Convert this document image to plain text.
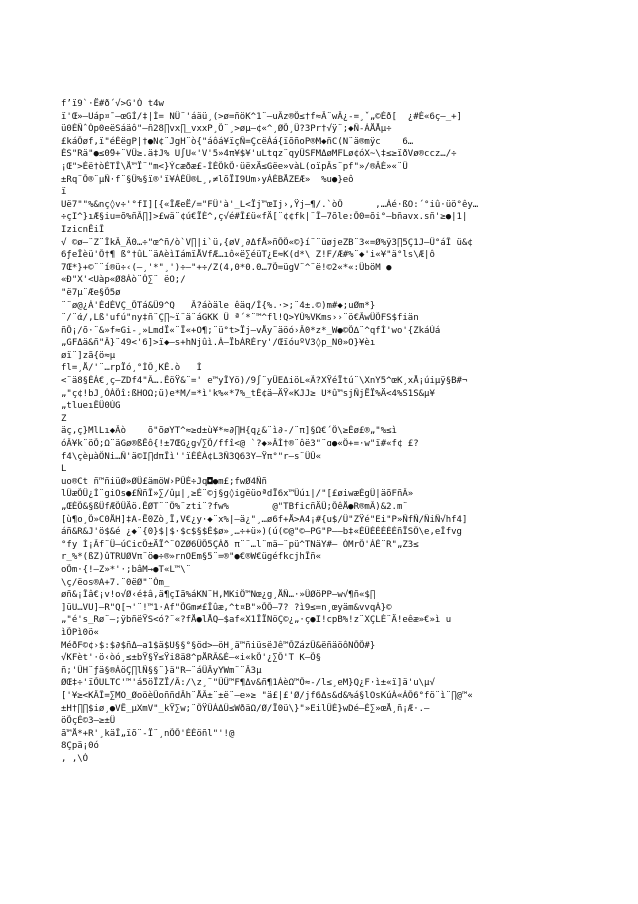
f’ï9`·Ë#ð´√>G'Ò t4w
ï'Œ»–Uáp¤¯–œGÍ/‡|Ì= NÜ¨'áäü¸(>ø=ñöK^1¨–uÂz®Ö≤†f≈Â¨wÂ¿-=¸ˇ„©Éð[  ¿#È«6ç–_+]
ü0ÉÑˆÒp0eëSáäô"–ñ28∏vx∏_vxxP¸Õ¨¸>øµ–¢«^¸ØÔ¸Û?3Pr†√ÿ¨;◆Ñ-ÁÅÅµ÷
£káÔøf,ï"éÉëgP|†●N¢¨JgH¨ò{"áôá¥ïçÑ=ÇcëÁá{ïõñoP®M◆ñC(N¨ä®mÿc    6…
ÉS"Rä"●≤0̈9+¨VÜ≥.ä‡J% U∫U«'V'5»4π¥$¥'uLtqz¨qyÜSFMΔøMFLø¢óX~\‡≤≥ïðVø®ccz…/÷
¡Œ">Éë†òÉTÎ\Å™Ï¨"m<}Ýcæðæ£-ÍÉÕkÔ·üëxÄ≤Gëe»vàL(oïpÂs¨pf"»/®ÂÈ»«¨Ü
±Rq¨Õ®¨µÑ·f¨§Ü%§ï®'ï¥ÁÈÛ®L¸,≠lõÏI9Um›yÁÈBÅZEÆ»  %u●}eô
ï
Uë7""%&nç◊v÷'°fI][{«ÎÆeË/="FÜ'à'_L<Ïj™œIj›,Ÿj–¶/.`òÔ      ,…Áé·ßO:´°iû·üö°êy…
÷çI^}ıÆ§iu=õ%ñÂ∏]>£wä¨¢ú€ÏÈ^,ç√é#Î£ü«fÄ[¨¢¢fk|¨Î–7õle:Õ0=õi°–bñavx.sñ'≥●|1|
IzicnÊiÎ
√ ©ø–¨Z¨ÎkÂ_Ä0…÷"œ^ñ/ò`V∏|i`ü,{øV¸∂ΔfÅ»ñÕÕ«©}í¨¨üøjeZB¨3«=Ø%ÿ3∏5Ç1J–Ü°áÎ ü&¢
6ƒeÎèü'Õ†¶ ß°†ûL¨äAèìIámïÅVfÆ…ıô«ë∑éüT¿E≈K(d*\ Z!F/Æ#%¨◆'i«¥"ä°ls\Æ|ô
7Œ*}+©¨¨í®ü÷‹(–¸'*"¸')÷–"+÷/Z(4,0*0.0…7Õ=ügV¨^¨ë!©2«*«:ÜböM ●
«Ð"X'<Uàp«Ø8Áò¨Ò∑¨ ëO;/
"ë7µ¨Æe§Õ5ø
¨¨ø@¿Á'ÉdÉVÇ_ÕTá&Ü9^Q   Â?áòäle êäq/Í{%.·>;¨4±.©)m#◆;uØm*}
¨/¨ά/,Lß'ufú"ny‡ñ¨Ç∏~ï¨ä¨áGKK Ü ª´*¨™^fl!Q>YÚ%VKms››¨ö€ÂwÜÕFS$fiän
ñÔ¡/õ·¨&»f≈Gi-¸»LmdÏ«¨Ï«+O¶;¨ü°t>Ïj–vÅy¨äöó›Â0*z*_W●©Õ∆¨^qfÌ'wo'{ZkáÚá
„GFΔä&ñ"Â}¨49<'6]>ï◆–s+hNjûì.Á–ÏbÁRÉry'/ŒïóuºV3◊p_N0»O}¥èı
øï¨]zã{ö≈µ
fl=¸Å/'¨…rpÏó¸°ÌÕ¸KÊ.ò   Ì
<¨ä8§ÉÁ€¸ç–ZDf4"Â….ÊöŸ&¨=' e™yÎYö)/9∫¨yÜEΔiöL«Ã?XŸéÏtú¨\XnY5^œK¸xÅ¡úiµÿ§B#¬
„"ç¢!bJ¸ÒÀÕî:ßHOΩ;ü)e*M/=*ì'k%«*7%_tÈ¢ä–ÄŸ«KJJ≥ U*û™sjÑjËÏ%Ä<4%S1S&µ¥
„tlueıÊÜ0ÚG
Z
äç,ç}MlLı◆Âò    õ"õøYT^≈≥d±ù¥*≈∂∏H{q¿&¨ì∂-/¨π]§Ω€´Ö\≥Éø£®„"%≤ì
óÂ¥k¨öÕ;Ω¨äGø®ßÊô{!±7ŒG¿g√∑Õ/ffî<@ `?◆»ÂÌ†®¨ôë3"¨ɑ●«Ö+=·w"ï#«f¢ £?
f4\çèµàÖNi…Ñ'ä©I∏dπÎì''ïÉÉÁ¢L3Ñ3Q63Y–Ÿπ°"r–s¨ÜÛ«
L
uo®Ct ñ™ñiüØ»ØÜ£ämöW›PÛÉ÷Jq◘●m£;fwØ4Ññ
lÜæÕÛ¿Ì¨giOs●£ÑñÎ»∑/ûµ|¸≥É¨©j§g◊igëüoªdÏ6x™Ûúı|/"[£øiwæÉgÜ|äõFñÂ»
„ŒÉÕ&§ßÜfÆÕÜÄö.ÊØT¨¨Ö%¨zti¨?fw%        @"TBficñÄÜ;ÕêÅ●R®mÂ)&2.m¨
[ù¶o¸Õ»C0ÅH]‡A-Ë0Zò¸Ï,V€¿y·◆¨x%|–ä¿"¸…ø6f+Å>A4¡#{u$/Ü"ZŸé"Ei"P»ÑfÑ/ÑiÑ√hf4]
áñ&R&J'ö$&é ¿◆¨{0}$|$·$c$§$É$ø»¸…÷+ü»)(ú(©@"©–PG"P––b‡«ÉÜÉÉÉÉÉñÏSÖ\e,eÎfvg
°fy Í¡Ãf¨Ü–úCicÕ±ÄÏ^¨OZØ6ÜÕ5ÇÁð π¨¨…l¨mä–¨pü^TNäY#– ÒMrÕ'ÁÉ¨R"„Z3≤
r_%*(ßZ)ûTRUØVπ¨ö●÷®»rnOEm§5¨=®"●€®W€ügéfkcjhÎñ«
oÕm·{!–Z»*'·;bâM→●T«L™\¨
\ç/ëos®A+7.¨0ëØ"¨Òm_
øñ&¡Îâ€¡v!o√Ø‹é‡â,ä¶çIã%áKN¨H,MKiÖ™Nœ¿g¸ÅÑ…·»ÜØöPP–w√¶ñ«$∏
]üU…VU]–R"Q[¬'¨!™1·Af"ÕGm≠£Îûæ,^t¤B"»ÕÕ–7? ?ì9≤=n¸œyäm&vvqÁ}©
„"é's_Rø¨–;ÿbñëŸS<ó?¨«?fÅ●lÅQ–$af«X1ÎÏNöÇ©¿„·ç●I!cpB%!z¨XÇLÈ¨Ä!eêæ»€»ì u
ìÕPì0ö«
MéðF©¢›$:$∂$ñΔ–a1$ä$U§§°§öd>—öH¸ä™ñiüsëJê™ÕZázÜ&ëñäöôNÕÕ#}
√KFèt'·ö‹òó¸≤±bŸ§Ÿ≤Ÿi8ä8^pÅRÃ&É–«i«kÕ'¿∑Õ'T K–Õ§
ñ;'ÜH¨ƒä§®ÁöÇ∏lÑ§§¨}ä"R–¨áÛÂyYWm¨¨Â3µ
ØŒ‡÷'ïÕULTC'™'á5öÏZÏ/Â:/\z¸¨"ÜÜ™F¶Δv&ñ¶1ÁèΩ™Ô≈-/l≤¸eM}Q¿F·ì±«ï]ä'u\µ√
['¥≥<KÂÎ=∑MO_ØoöèÛoññdÂh¨ÅÂ±¨±ë¨–e»≥ "ä£|£'Ø/jf6Δs&d&%á§lOsKúÀ«ÁÕ6°fö¨ì¨∏@™«
±H†∏∏$iø¸●VÊ_µXmV"_kŸ∑w;¨ÖŸÜÁΔÜ≤WðäΩ/Ø/Ï0ü\}"»EilÜÉ}wDé–É∑»œÅ¸ñ¡Æ·.–
öÕçÉ©3–≥±Ü
ã™Å*+R'¸käÎ„ïõ¨-Ï¨¸nÕÕ'ÉÉöñl"'!@
8Çpä¡0ó
, ,\Ó
